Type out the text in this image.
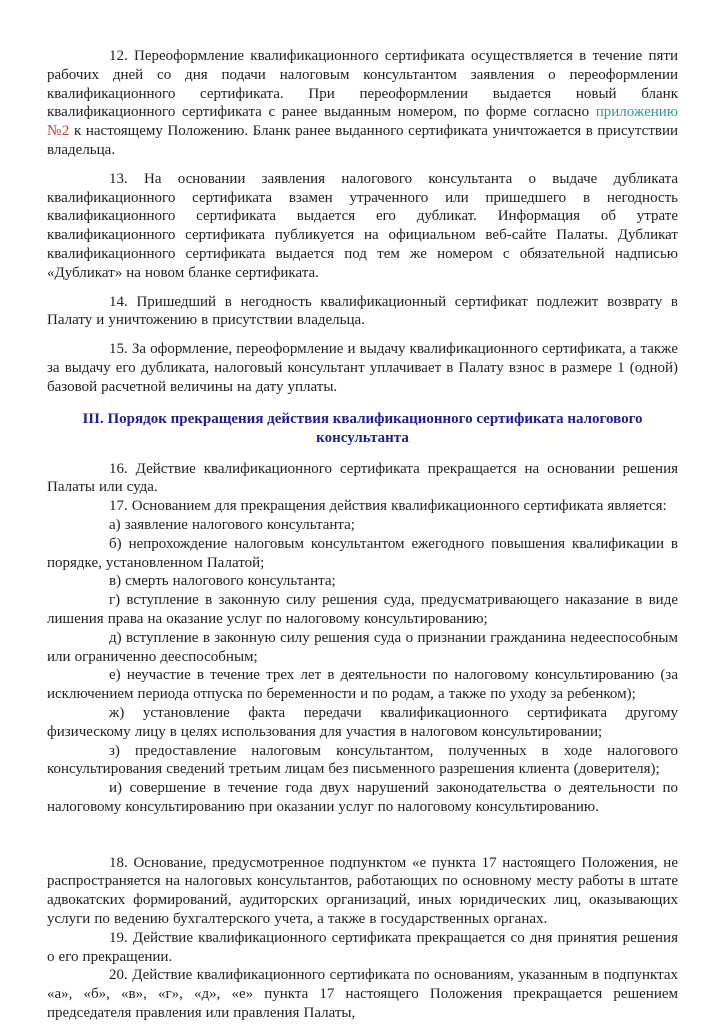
12. Переоформление квалификационного сертификата осуществляется в течение пяти рабочих дней со дня подачи налоговым консультантом заявления о переоформлении квалификационного сертификата. При переоформлении выдается новый бланк квалификационного сертификата с ранее выданным номером, по форме согласно приложению №2 к настоящему Положению. Бланк ранее выданного сертификата уничтожается в присутствии владельца.

13. На основании заявления налогового консультанта о выдаче дубликата квалификационного сертификата взамен утраченного или пришедшего в негодность квалификационного сертификата выдается его дубликат. Информация об утрате квалификационного сертификата публикуется на официальном веб-сайте Палаты. Дубликат квалификационного сертификата выдается под тем же номером с обязательной надписью «Дубликат» на новом бланке сертификата.

14. Пришедший в негодность квалификационный сертификат подлежит возврату в Палату и уничтожению в присутствии владельца.

15. За оформление, переоформление и выдачу квалификационного сертификата, а также за выдачу его дубликата, налоговый консультант уплачивает в Палату взнос в размере 1 (одной) базовой расчетной величины на дату уплаты.

III. Порядок прекращения действия квалификационного сертификата налогового консультанта

16. Действие квалификационного сертификата прекращается на основании решения Палаты или суда.

17. Основанием для прекращения действия квалификационного сертификата является:

а) заявление налогового консультанта;

б) непрохождение налоговым консультантом ежегодного повышения квалификации в порядке, установленном Палатой;

в) смерть налогового консультанта;

г) вступление в законную силу решения суда, предусматривающего наказание в виде лишения права на оказание услуг по налоговому консультированию;

д) вступление в законную силу решения суда о признании гражданина недееспособным или ограниченно дееспособным;

е) неучастие в течение трех лет в деятельности по налоговому консультированию (за исключением периода отпуска по беременности и по родам, а также по уходу за ребенком);

ж) установление факта передачи квалификационного сертификата другому физическому лицу в целях использования для участия в налоговом консультировании;

з) предоставление налоговым консультантом, полученных в ходе налогового консультирования сведений третьим лицам без письменного разрешения клиента (доверителя);

и) совершение в течение года двух нарушений законодательства о деятельности по налоговому консультированию при оказании услуг по налоговому консультированию.

18. Основание, предусмотренное подпунктом «е пункта 17 настоящего Положения, не распространяется на налоговых консультантов, работающих по основному месту работы в штате адвокатских формирований, аудиторских организаций, иных юридических лиц, оказывающих услуги по ведению бухгалтерского учета, а также в государственных органах.

19. Действие квалификационного сертификата прекращается со дня принятия решения о его прекращении.

20. Действие квалификационного сертификата по основаниям, указанным в подпунктах «а», «б», «в», «г», «д», «е» пункта 17 настоящего Положения прекращается решением председателя правления или правления Палаты,
